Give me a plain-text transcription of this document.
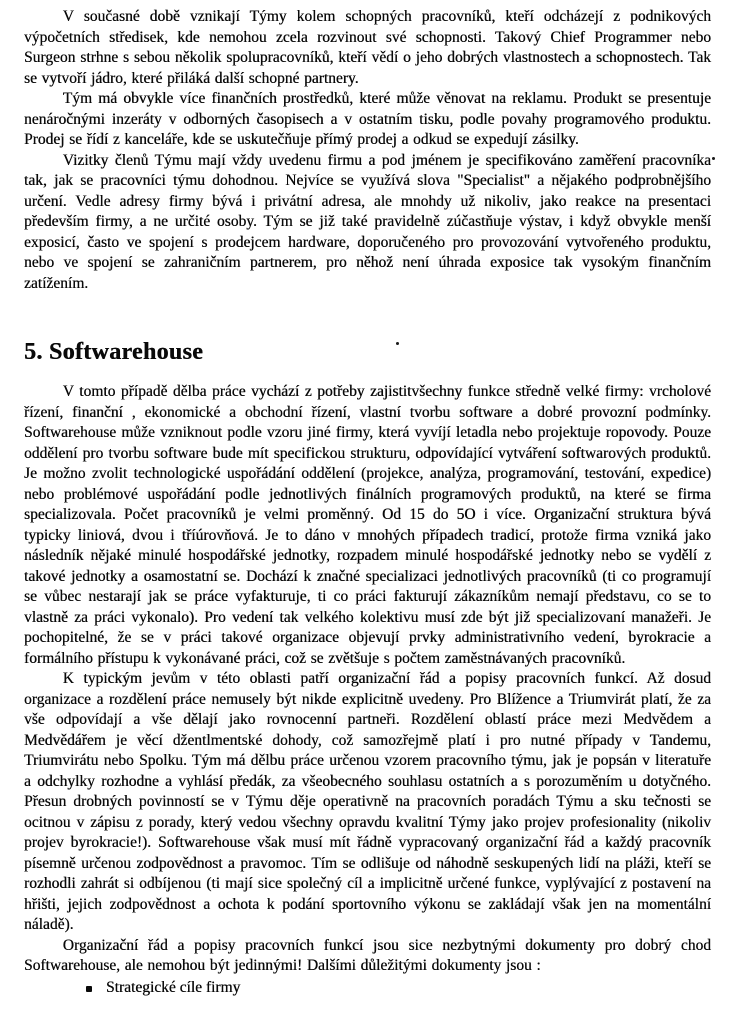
V současné době vznikají Týmy kolem schopných pracovníků, kteří odcházejí z podnikových výpočetních středisek, kde nemohou zcela rozvinout své schopnosti. Takový Chief Programmer nebo Surgeon strhne s sebou několik spolupracovníků, kteří vědí o jeho dobrých vlastnostech a schopnostech. Tak se vytvoří jádro, které přiláká další schopné partnery.

Tým má obvykle více finančních prostředků, které může věnovat na reklamu. Produkt se presentuje nenáročnými inzeráty v odborných časopisech a v ostatním tisku, podle povahy programového produktu. Prodej se řídí z kanceláře, kde se uskutečňuje přímý prodej a odkud se expedují zásilky.

Vizitky členů Týmu mají vždy uvedenu firmu a pod jménem je specifikováno zaměření pracovníka tak, jak se pracovníci týmu dohodnou. Nejvíce se využívá slova "Specialist" a nějakého podprobnějšího určení. Vedle adresy firmy bývá i privátní adresa, ale mnohdy už nikoliv, jako reakce na presentaci především firmy, a ne určité osoby. Tým se již také pravidelně zúčastňuje výstav, i když obvykle menší exposicí, často ve spojení s prodejcem hardware, doporučeného pro provozování vytvořeného produktu, nebo ve spojení se zahraničním partnerem, pro něhož není úhrada exposice tak vysokým finančním zatížením.

5. Softwarehouse

V tomto případě dělba práce vychází z potřeby zajistitvšechny funkce středně velké firmy: vrcholové řízení, finanční , ekonomické a obchodní řízení, vlastní tvorbu software a dobré provozní podmínky. Softwarehouse může vzniknout podle vzoru jiné firmy, která vyvíjí letadla nebo projektuje ropovody. Pouze oddělení pro tvorbu software bude mít specifickou strukturu, odpovídající vytváření softwarových produktů. Je možno zvolit technologické uspořádání oddělení (projekce, analýza, programování, testování, expedice) nebo problémové uspořádání podle jednotlivých finálních programových produktů, na které se firma specializovala. Počet pracovníků je velmi proměnný. Od 15 do 5O i více. Organizační struktura bývá typicky liniová, dvou i tříúrovňová. Je to dáno v mnohých případech tradicí, protože firma vzniká jako následník nějaké minulé hospodářské jednotky, rozpadem minulé hospodářské jednotky nebo se vydělí z takové jednotky a osamostatní se. Dochází k značné specializaci jednotlivých pracovníků (ti co programují se vůbec nestarají jak se práce vyfakturuje, ti co práci fakturují zákazníkům nemají představu, co se to vlastně za práci vykonalo). Pro vedení tak velkého kolektivu musí zde být již specializovaní manažeři. Je pochopitelné, že se v práci takové organizace objevují prvky administrativního vedení, byrokracie a formálního přístupu k vykonávané práci, což se zvětšuje s počtem zaměstnávaných pracovníků.

K typickým jevům v této oblasti patří organizační řád a popisy pracovních funkcí. Až dosud organizace a rozdělení práce nemusely být nikde explicitně uvedeny. Pro Blížence a Triumvirát platí, že za vše odpovídají a vše dělají jako rovnocenní partneři. Rozdělení oblastí práce mezi Medvědem a Medvědářem je věcí džentlmentské dohody, což samozřejmě platí i pro nutné případy v Tandemu, Triumvirátu nebo Spolku. Tým má dělbu práce určenou vzorem pracovního týmu, jak je popsán v literatuře a odchylky rozhodne a vyhlásí předák, za všeobecného souhlasu ostatních a s porozuměním u dotyčného. Přesun drobných povinností se v Týmu děje operativně na pracovních poradách Týmu a sku tečnosti se ocitnou v zápisu z porady, který vedou všechny opravdu kvalitní Týmy jako projev profesionality (nikoliv projev byrokracie!). Softwarehouse však musí mít řádně vypracovaný organizační řád a každý pracovník písemně určenou zodpovědnost a pravomoc. Tím se odlišuje od náhodně seskupených lidí na pláži, kteří se rozhodli zahrát si odbíjenou (ti mají sice společný cíl a implicitně určené funkce, vyplývající z postavení na hřišti, jejich zodpovědnost a ochota k podání sportovního výkonu se zakládají však jen na momentální náladě).

Organizační řád a popisy pracovních funkcí jsou sice nezbytnými dokumenty pro dobrý chod Softwarehouse, ale nemohou být jedinnými! Dalšími důležitými dokumenty jsou :

Strategické cíle firmy
